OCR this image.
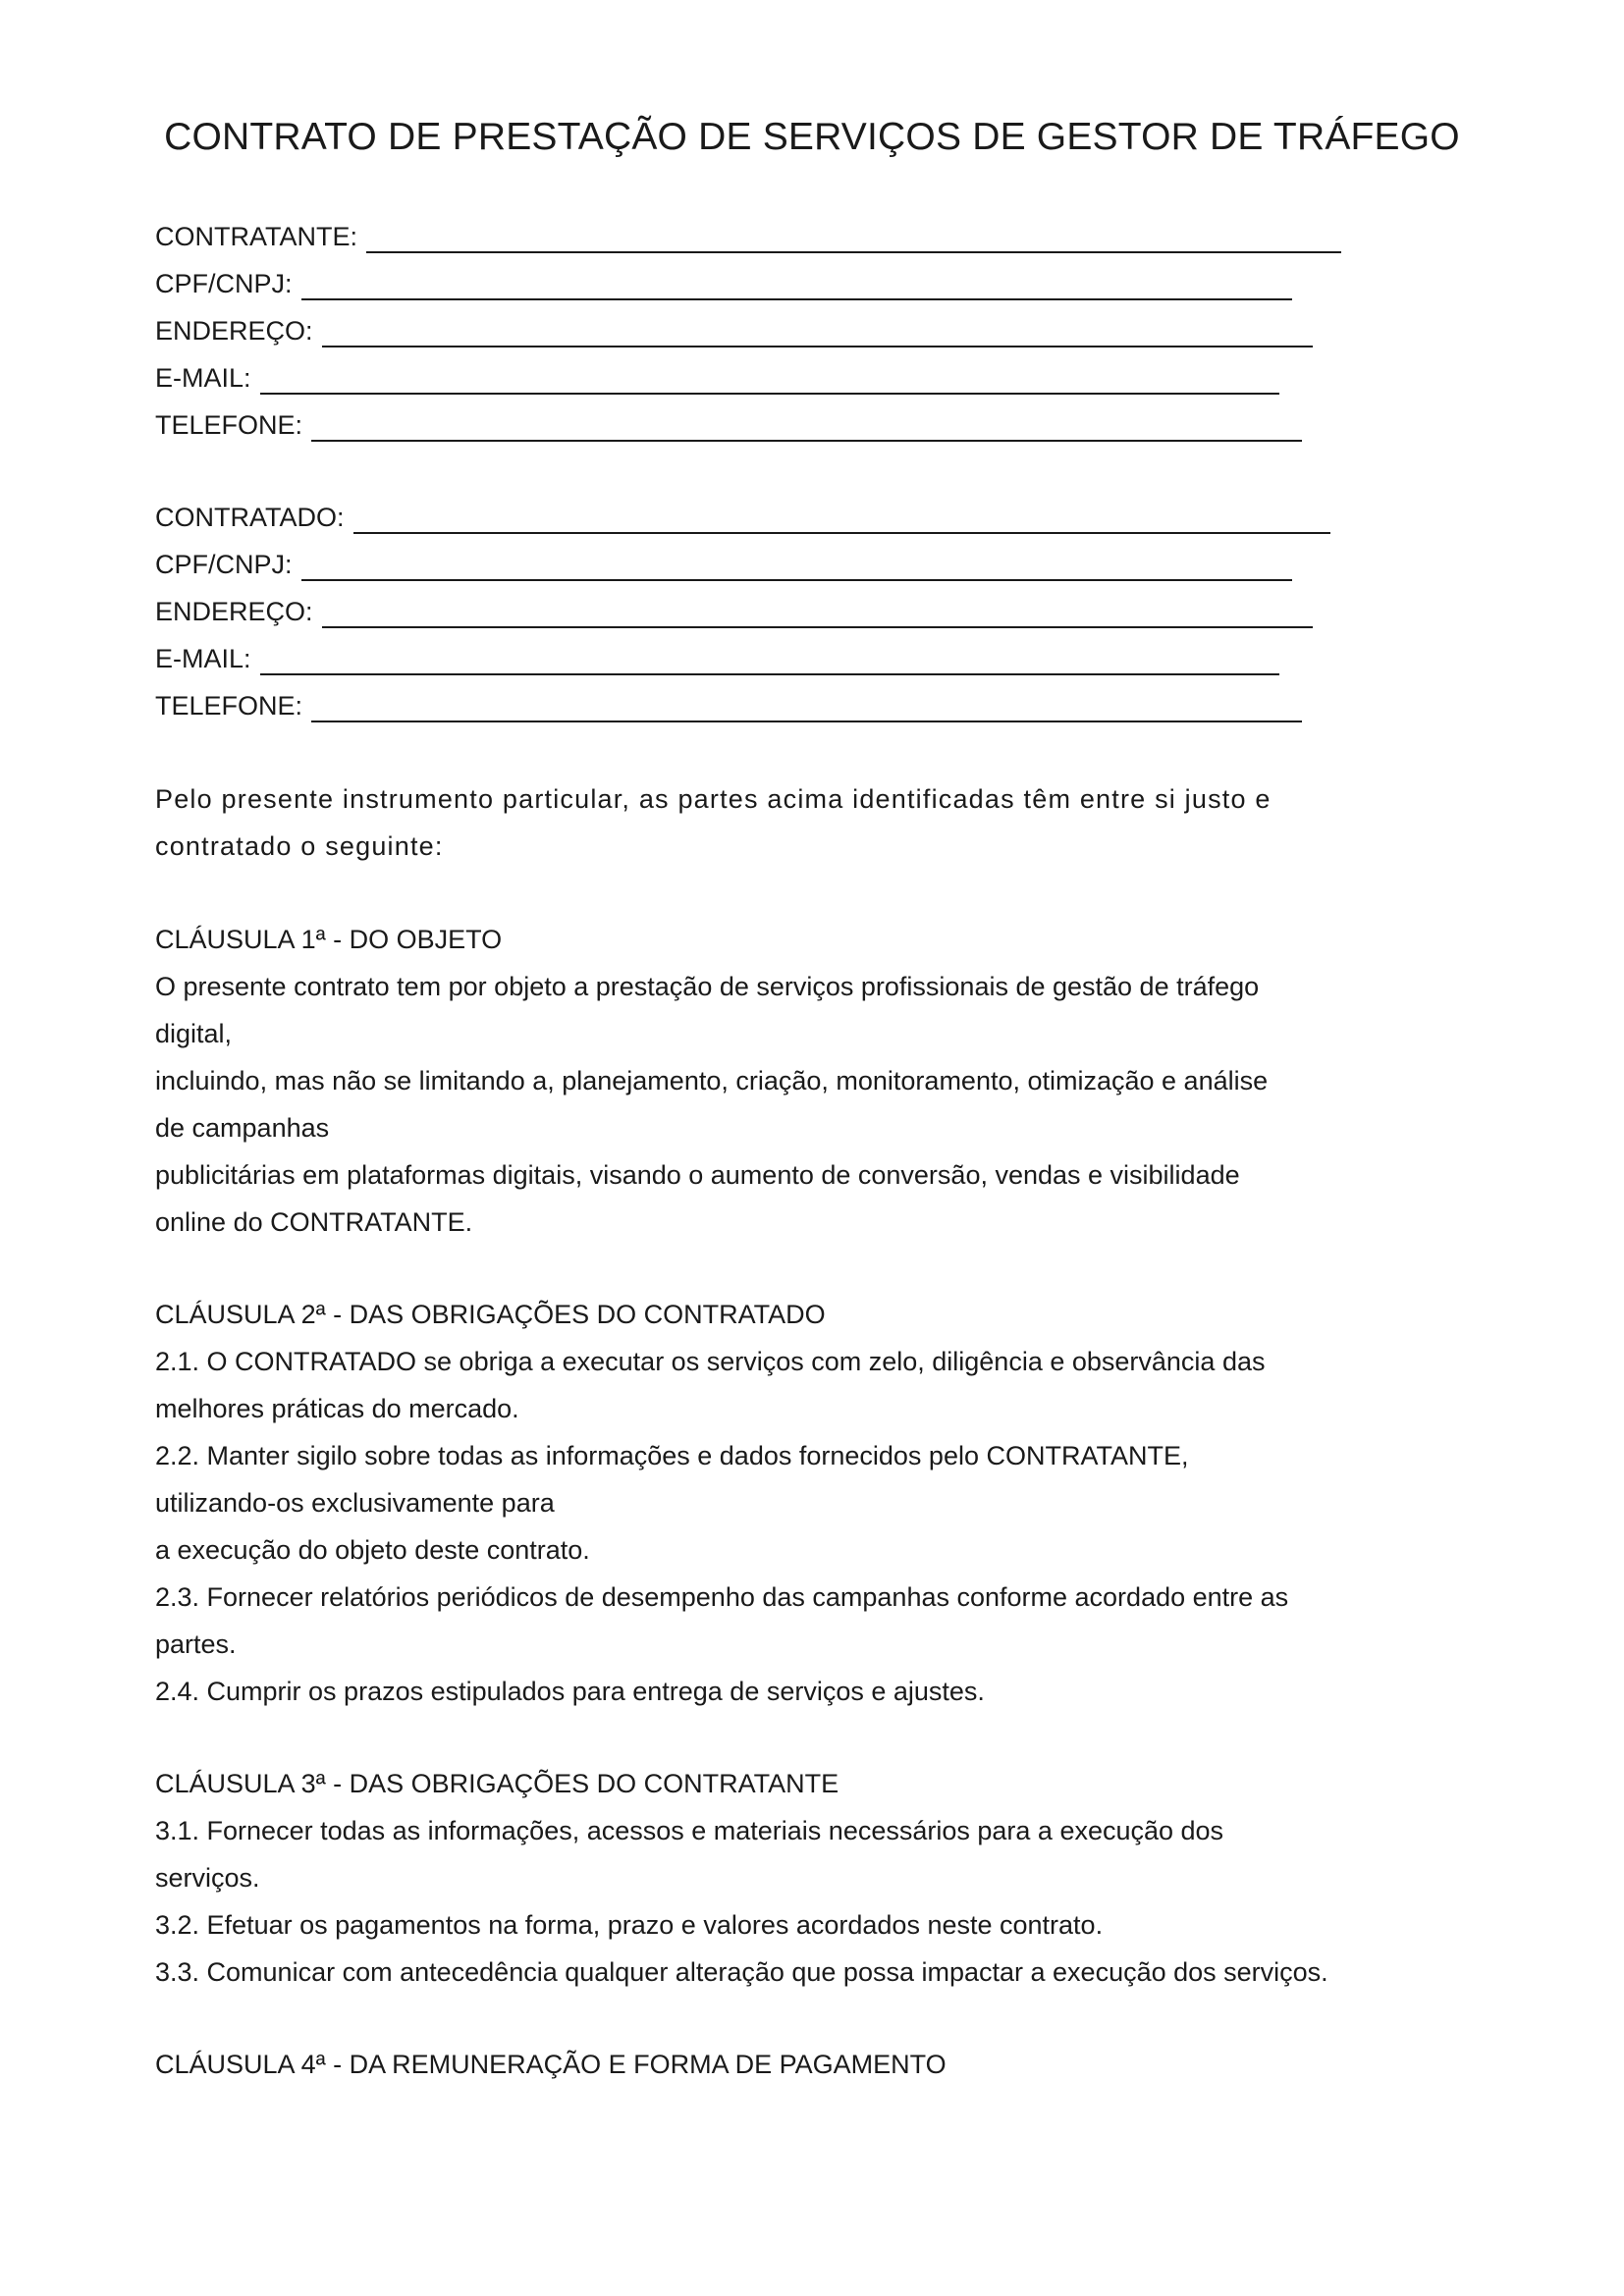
CONTRATO DE PRESTAÇÃO DE SERVIÇOS DE GESTOR DE TRÁFEGO
CONTRATANTE:
CPF/CNPJ:
ENDEREÇO:
E-MAIL:
TELEFONE:
CONTRATADO:
CPF/CNPJ:
ENDEREÇO:
E-MAIL:
TELEFONE:
Pelo presente instrumento particular, as partes acima identificadas têm entre si justo e
contratado o seguinte:
CLÁUSULA 1ª - DO OBJETO
O presente contrato tem por objeto a prestação de serviços profissionais de gestão de tráfego
digital,
incluindo, mas não se limitando a, planejamento, criação, monitoramento, otimização e análise
de campanhas
publicitárias em plataformas digitais, visando o aumento de conversão, vendas e visibilidade
online do CONTRATANTE.
CLÁUSULA 2ª - DAS OBRIGAÇÕES DO CONTRATADO
2.1. O CONTRATADO se obriga a executar os serviços com zelo, diligência e observância das
melhores práticas do mercado.
2.2. Manter sigilo sobre todas as informações e dados fornecidos pelo CONTRATANTE,
utilizando-os exclusivamente para
a execução do objeto deste contrato.
2.3. Fornecer relatórios periódicos de desempenho das campanhas conforme acordado entre as
partes.
2.4. Cumprir os prazos estipulados para entrega de serviços e ajustes.
CLÁUSULA 3ª - DAS OBRIGAÇÕES DO CONTRATANTE
3.1. Fornecer todas as informações, acessos e materiais necessários para a execução dos
serviços.
3.2. Efetuar os pagamentos na forma, prazo e valores acordados neste contrato.
3.3. Comunicar com antecedência qualquer alteração que possa impactar a execução dos serviços.
CLÁUSULA 4ª - DA REMUNERAÇÃO E FORMA DE PAGAMENTO
